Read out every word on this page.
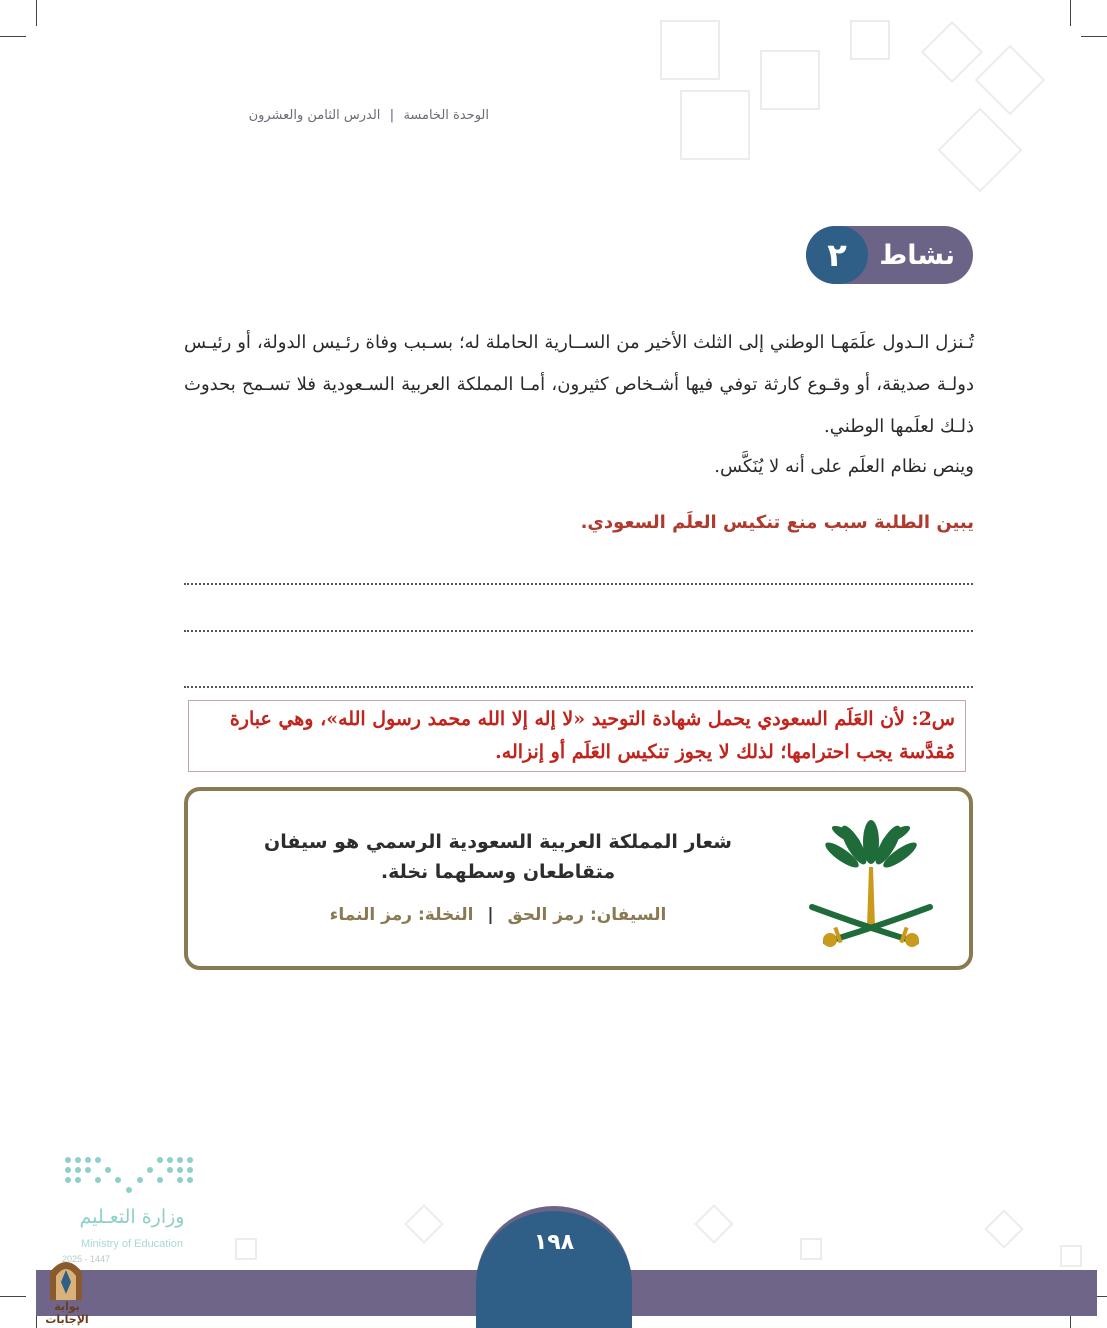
الوحدة الخامسة | الدرس الثامن والعشرون
٢	نشاط
تُـنزل الـدول علَمَهـا الوطني إلى الثلث الأخير من الســارية الحاملة له؛ بسـبب وفاة رئـيس الدولة، أو رئيـس دولـة صديقة، أو وقـوع كارثة توفي فيها أشـخاص كثيرون، أمـا المملكة العربية السـعودية فلا تسـمح بحدوث ذلـك لعلَمها الوطني.
وينص نظام العلَم على أنه لا يُنَكَّس.
يبين الطلبة سبب منع تنكيس العلَم السعودي.
س2: لأن العَلَم السعودي يحمل شهادة التوحيد «لا إله إلا الله محمد رسول الله»، وهي عبارة مُقدَّسة يجب احترامها؛ لذلك لا يجوز تنكيس العَلَم أو إنزاله.
شعار المملكة العربية السعودية الرسمي هو سيفان متقاطعان وسطهما نخلة.
السيفان: رمز الحق | النخلة: رمز النماء
وزارة التعـليم
Ministry of Education
2025 - 1447
١٩٨
بوابة الإجابات
